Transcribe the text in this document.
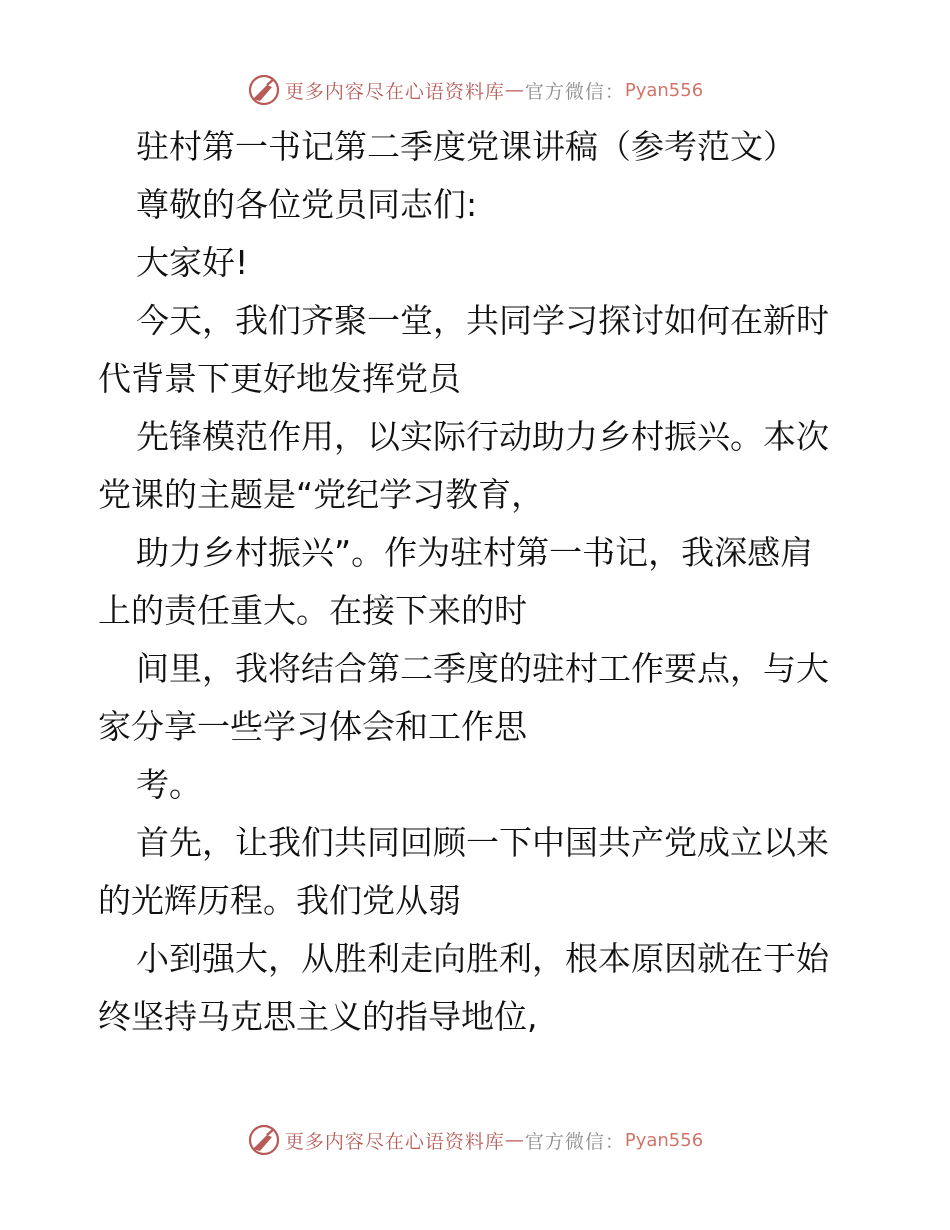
更多内容尽在心语资料库 — 官方微信： Pyan556
驻村第一书记第二季度党课讲稿（参考范文）
尊敬的各位党员同志们:
大家好!
今天，我们齐聚一堂，共同学习探讨如何在新时
代背景下更好地发挥党员
先锋模范作用，以实际行动助力乡村振兴。本次
党课的主题是“党纪学习教育，
助力乡村振兴”。作为驻村第一书记，我深感肩
上的责任重大。在接下来的时
间里，我将结合第二季度的驻村工作要点，与大
家分享一些学习体会和工作思
考。
首先，让我们共同回顾一下中国共产党成立以来
的光辉历程。我们党从弱
小到强大，从胜利走向胜利，根本原因就在于始
终坚持马克思主义的指导地位,
更多内容尽在心语资料库 — 官方微信： Pyan556
